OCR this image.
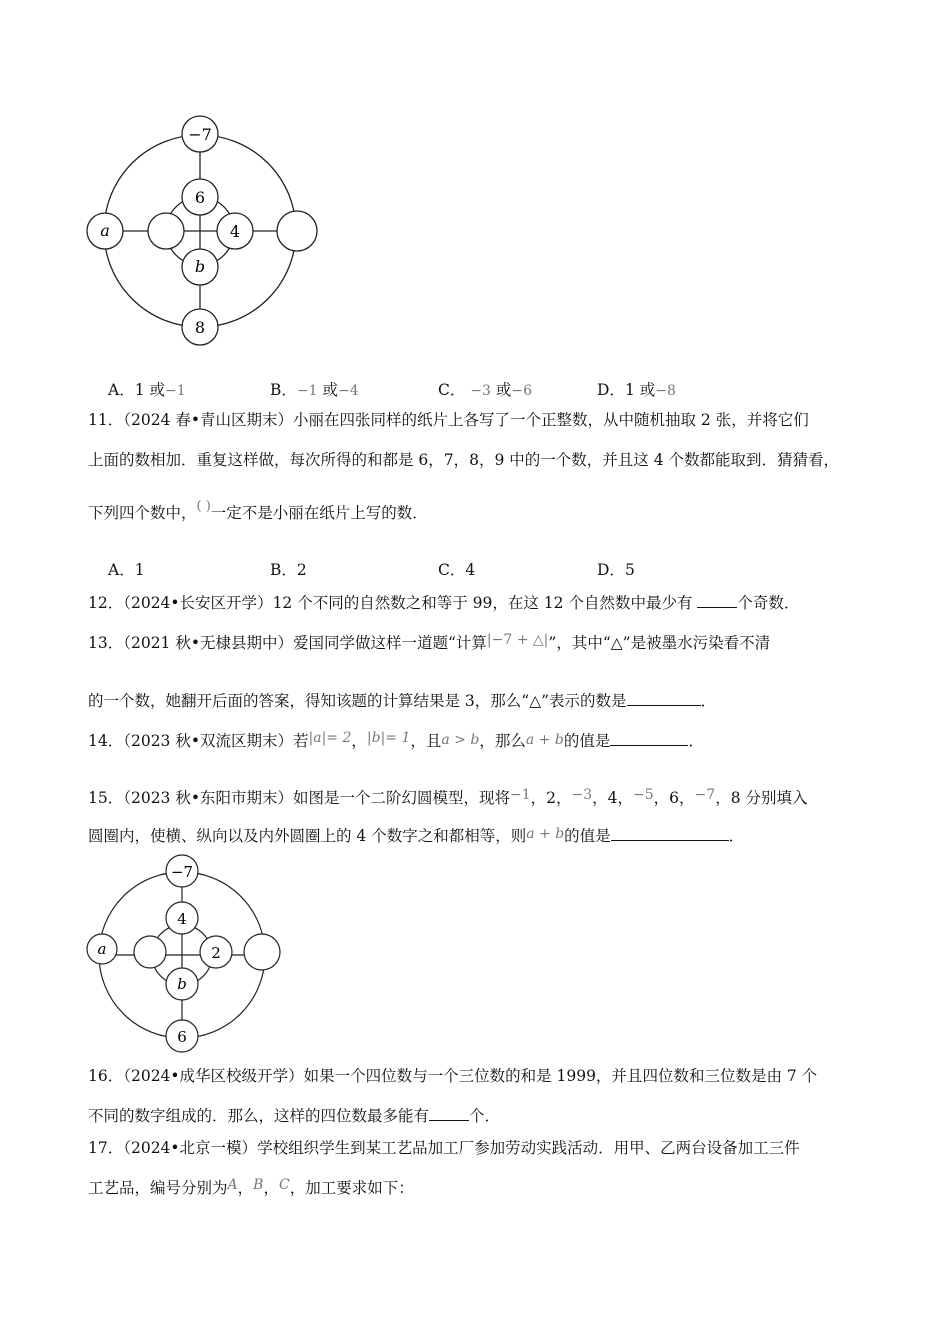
−7
6
a	4
b
8
A．1 或−1	B．−1 或−4	C． −3 或−6	D．1 或−8
11．（2024 春•青山区期末）小丽在四张同样的纸片上各写了一个正整数，从中随机抽取 2 张，并将它们
上面的数相加．重复这样做，每次所得的和都是 6，7，8，9 中的一个数，并且这 4 个数都能取到．猜猜看，
下列四个数中，( )一定不是小丽在纸片上写的数．
A．1	B．2	C．4	D．5
12．（2024•长安区开学）12 个不同的自然数之和等于 99，在这 12 个自然数中最少有	个奇数．
13．（2021 秋•无棣县期中）爱国同学做这样一道题“计算|−7 + △|”，其中“△”是被墨水污染看不清
的一个数，她翻开后面的答案，得知该题的计算结果是 3，那么“△”表示的数是	．
14．（2023 秋•双流区期末）若|a|= 2，|b|= 1，且a > b，那么a + b的值是	．
15．（2023 秋•东阳市期末）如图是一个二阶幻圆模型，现将−1，2，−3，4，−5，6，−7，8 分别填入
圆圈内，使横、纵向以及内外圆圈上的 4 个数字之和都相等，则a + b的值是	．
−7
4
a	2
b
6
16．（2024•成华区校级开学）如果一个四位数与一个三位数的和是 1999，并且四位数和三位数是由 7 个
不同的数字组成的．那么，这样的四位数最多能有	个．
17．（2024•北京一模）学校组织学生到某工艺品加工厂参加劳动实践活动．用甲、乙两台设备加工三件
工艺品，编号分别为A，B，C，加工要求如下：
